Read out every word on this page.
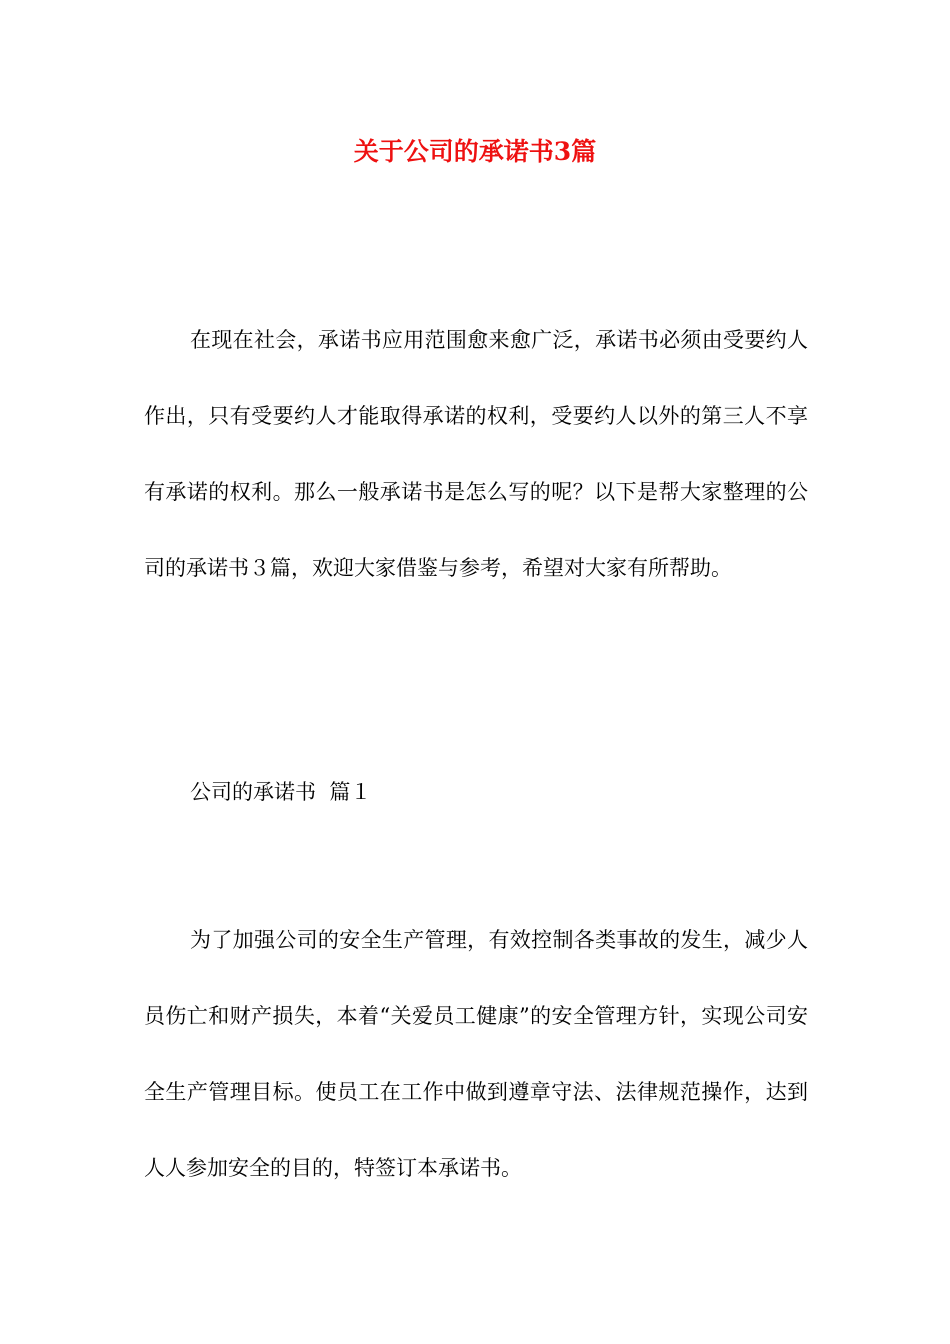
关于公司的承诺书3篇

在现在社会，承诺书应用范围愈来愈广泛，承诺书必须由受要约人作出，只有受要约人才能取得承诺的权利，受要约人以外的第三人不享有承诺的权利。那么一般承诺书是怎么写的呢？以下是帮大家整理的公司的承诺书３篇，欢迎大家借鉴与参考，希望对大家有所帮助。

公司的承诺书  篇１

为了加强公司的安全生产管理，有效控制各类事故的发生，减少人员伤亡和财产损失，本着“关爱员工健康”的安全管理方针，实现公司安全生产管理目标。使员工在工作中做到遵章守法、法律规范操作，达到人人参加安全的目的，特签订本承诺书。
